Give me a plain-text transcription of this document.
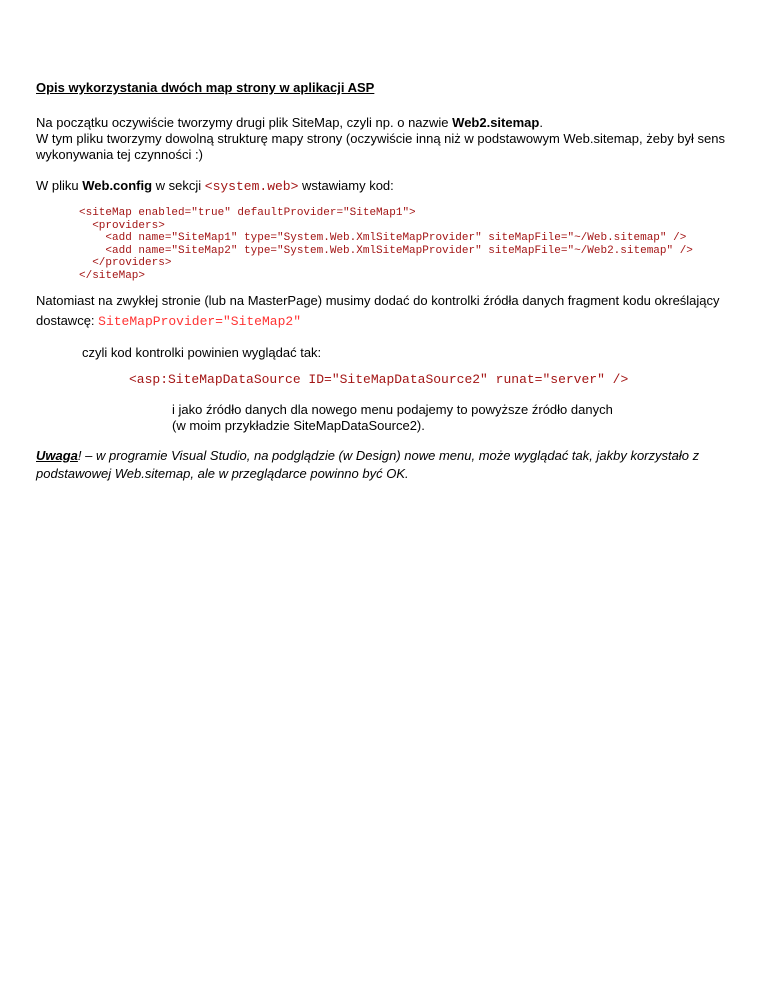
Opis wykorzystania dwóch map strony w aplikacji ASP
Na początku oczywiście tworzymy drugi plik SiteMap, czyli np. o nazwie Web2.sitemap.
W tym pliku tworzymy dowolną strukturę mapy strony (oczywiście inną niż w podstawowym Web.sitemap, żeby był sens
wykonywania tej czynności :)
W pliku Web.config w sekcji <system.web> wstawiamy kod:
<siteMap enabled="true" defaultProvider="SiteMap1">
<providers>
<add name="SiteMap1" type="System.Web.XmlSiteMapProvider" siteMapFile="~/Web.sitemap" />
<add name="SiteMap2" type="System.Web.XmlSiteMapProvider" siteMapFile="~/Web2.sitemap" />
</providers>
</siteMap>
Natomiast na zwykłej stronie (lub na MasterPage) musimy dodać do kontrolki źródła danych fragment kodu określający
dostawcę: SiteMapProvider="SiteMap2"
czyli kod kontrolki powinien wyglądać tak:
<asp:SiteMapDataSource ID="SiteMapDataSource2" runat="server" />
i jako źródło danych dla nowego menu podajemy to powyższe źródło danych
(w moim przykładzie SiteMapDataSource2).
Uwaga! – w programie Visual Studio, na podglądzie (w Design) nowe menu, może wyglądać tak, jakby korzystało z
podstawowej Web.sitemap, ale w przeglądarce powinno być OK.
